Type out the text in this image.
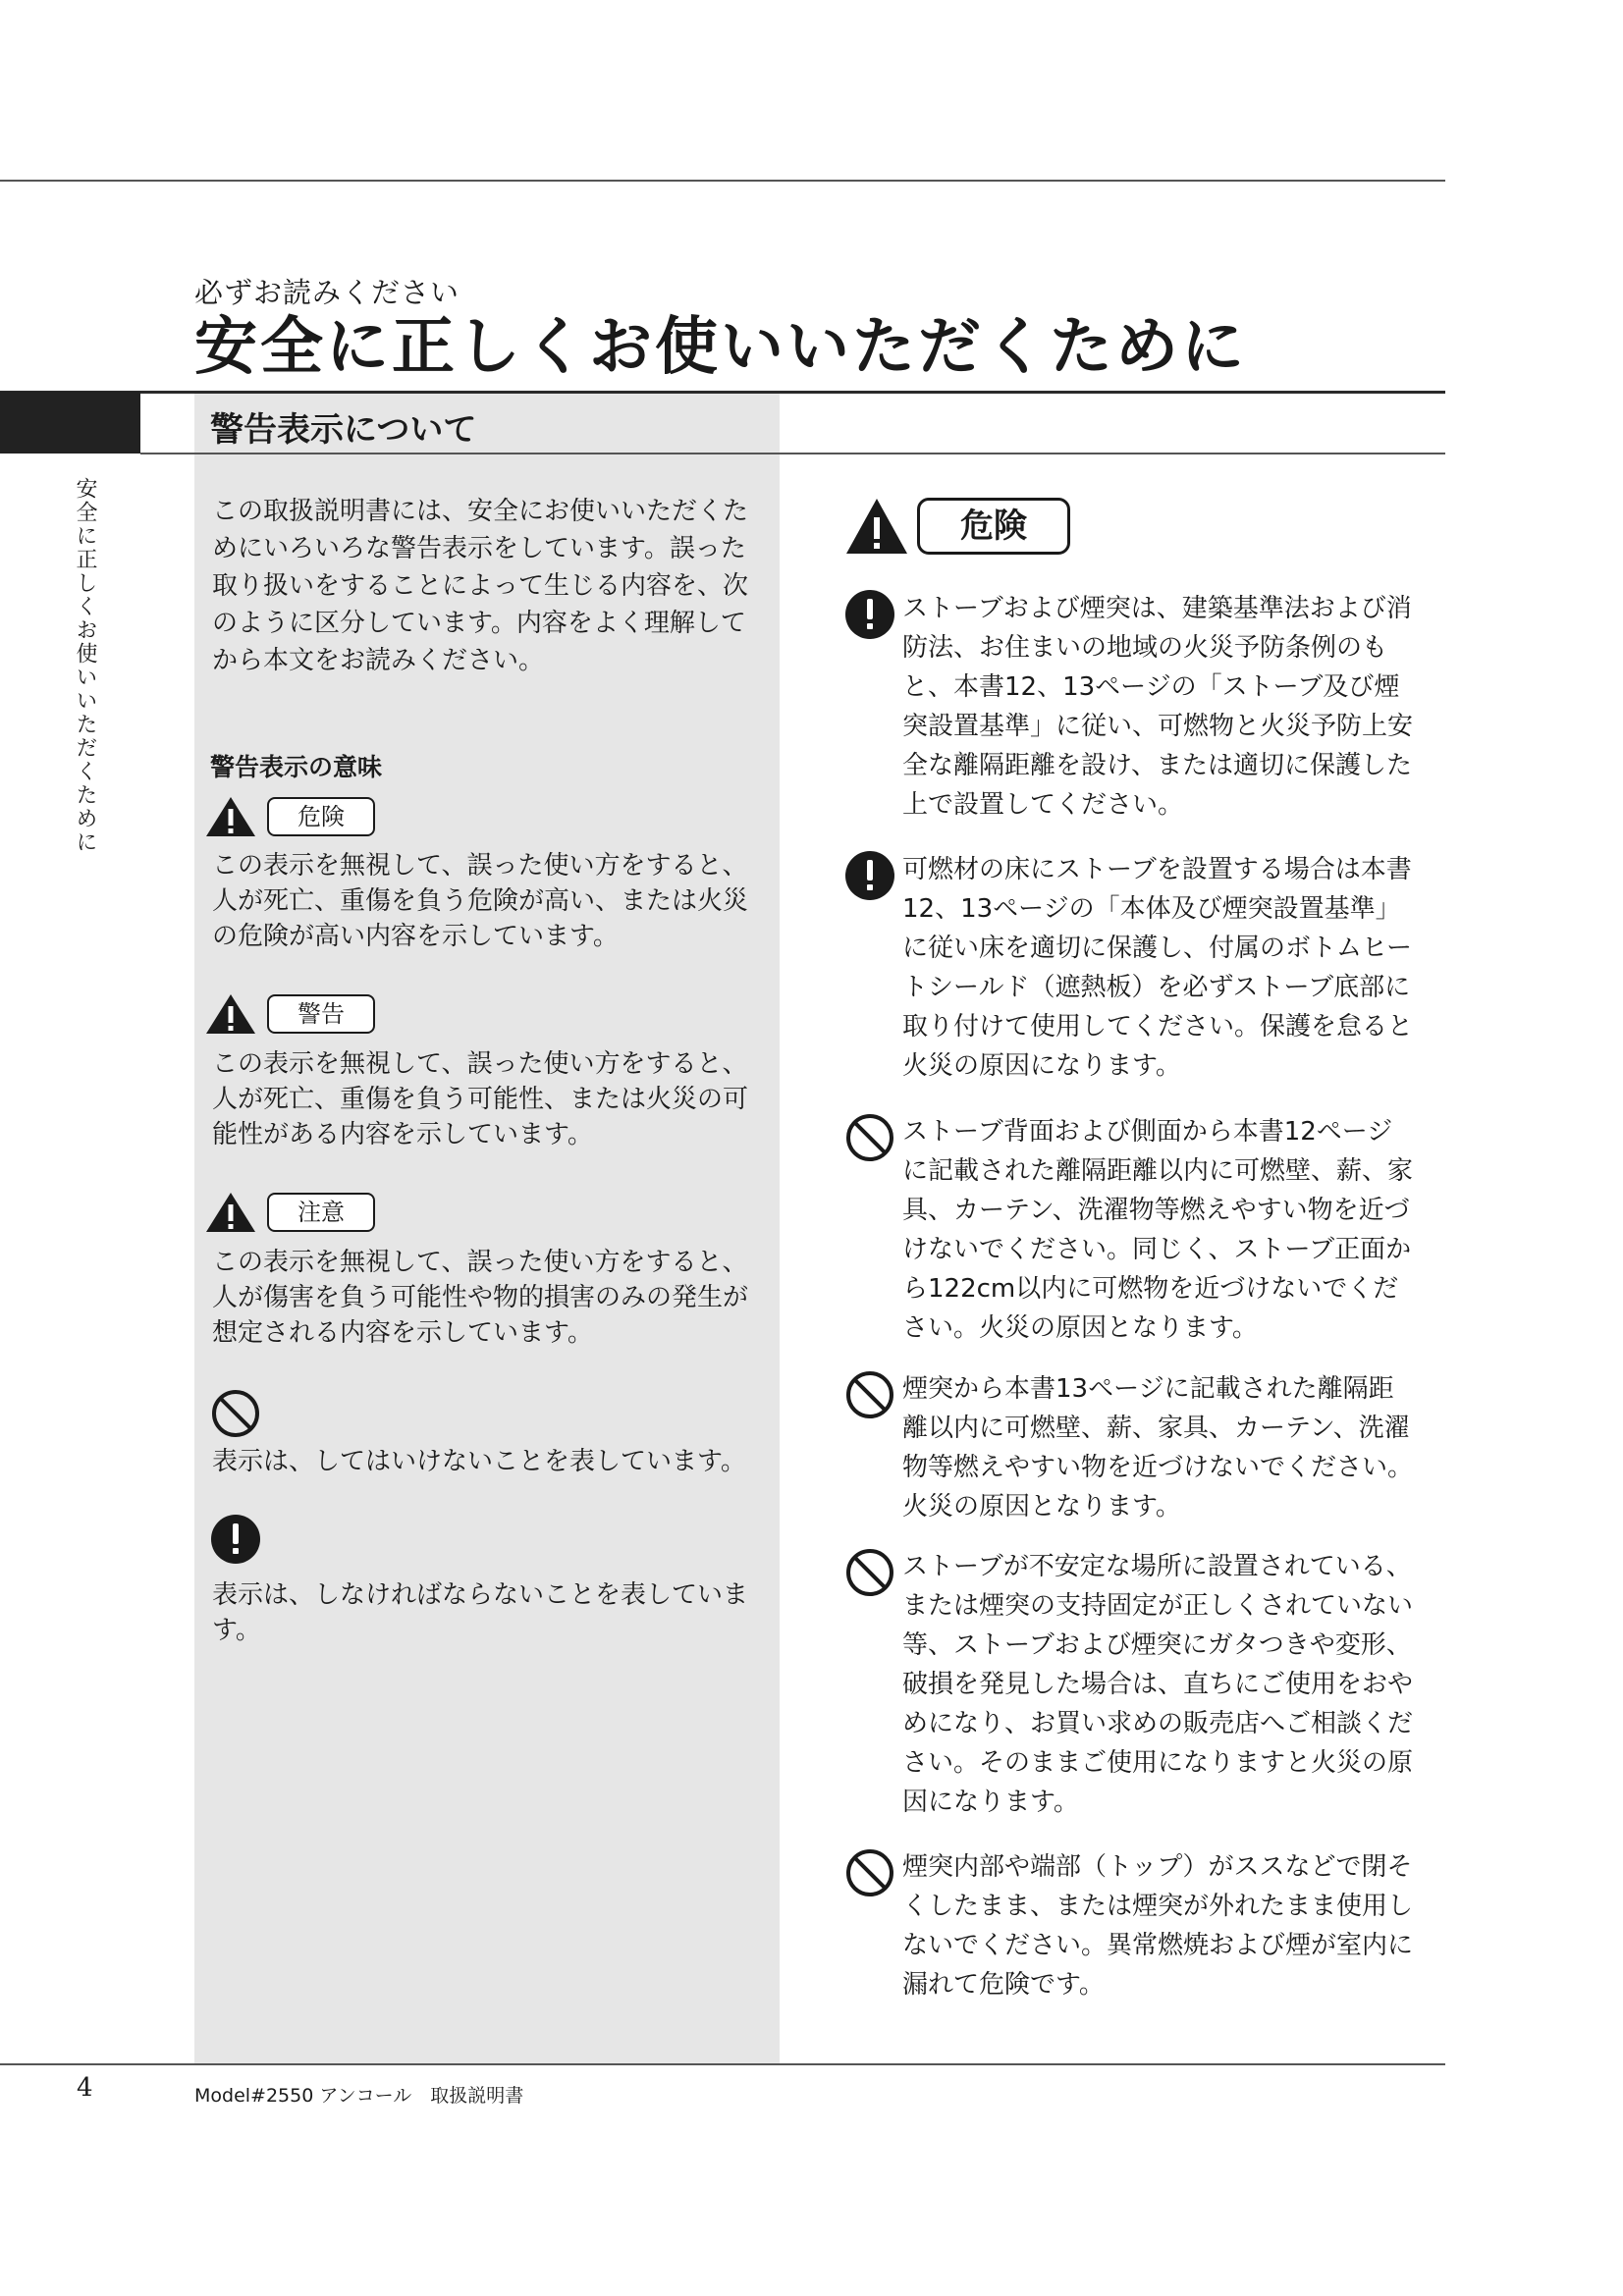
必ずお読みください
安全に正しくお使いいただくために
警告表示について
安全に正しくお使いいただくために	この取扱説明書には、安全にお使いいただくためにいろいろな警告表示をしています。誤った取り扱いをすることによって生じる内容を、次のように区分しています。内容をよく理解してから本文をお読みください。

警告表示の意味
危険

この表示を無視して、誤った使い方をすると、人が死亡、重傷を負う危険が高い、または火災の危険が高い内容を示しています。

警告

この表示を無視して、誤った使い方をすると、人が死亡、重傷を負う可能性、または火災の可能性がある内容を示しています。

注意

この表示を無視して、誤った使い方をすると、人が傷害を負う可能性や物的損害のみの発生が想定される内容を示しています。

表示は、してはいけないことを表しています。

表示は、しなければならないことを表しています。

危険

ストーブおよび煙突は、建築基準法および消防法、お住まいの地域の火災予防条例のもと、本書12、13ページの「ストーブ及び煙突設置基準」に従い、可燃物と火災予防上安全な離隔距離を設け、または適切に保護した上で設置してください。

可燃材の床にストーブを設置する場合は本書12、13ページの「本体及び煙突設置基準」に従い床を適切に保護し、付属のボトムヒートシールド（遮熱板）を必ずストーブ底部に取り付けて使用してください。保護を怠ると火災の原因になります。

ストーブ背面および側面から本書12ページに記載された離隔距離以内に可燃壁、薪、家具、カーテン、洗濯物等燃えやすい物を近づけないでください。同じく、ストーブ正面から122cm以内に可燃物を近づけないでください。火災の原因となります。

煙突から本書13ページに記載された離隔距離以内に可燃壁、薪、家具、カーテン、洗濯物等燃えやすい物を近づけないでください。火災の原因となります。

ストーブが不安定な場所に設置されている、または煙突の支持固定が正しくされていない等、ストーブおよび煙突にガタつきや変形、破損を発見した場合は、直ちにご使用をおやめになり、お買い求めの販売店へご相談ください。そのままご使用になりますと火災の原因になります。

煙突内部や端部（トップ）がススなどで閉そくしたまま、または煙突が外れたまま使用しないでください。異常燃焼および煙が室内に漏れて危険です。

4	Model#2550 アンコール　取扱説明書
